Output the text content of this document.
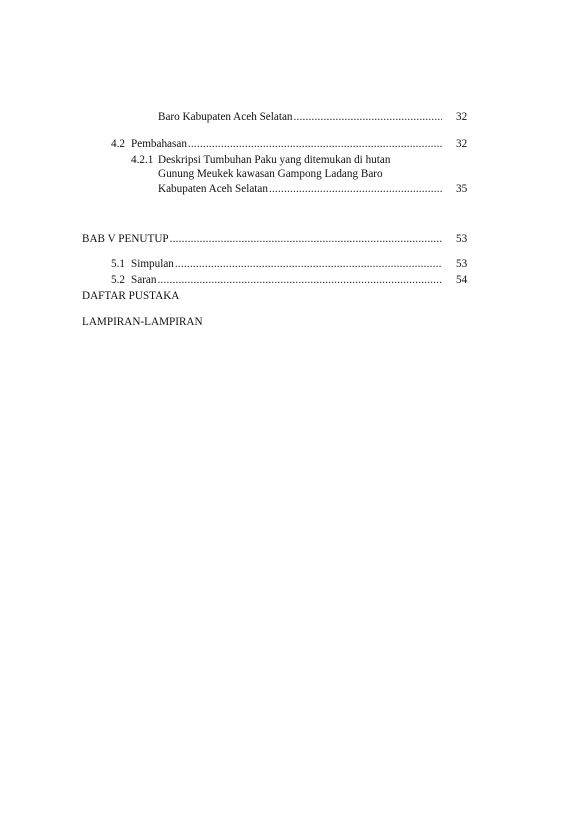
Baro Kabupaten Aceh Selatan .....	32
4.2 Pembahasan .....	32
4.2.1 Deskripsi Tumbuhan Paku yang ditemukan di hutan
Gunung Meukek kawasan Gampong Ladang Baro
Kabupaten Aceh Selatan .....	35
BAB V PENUTUP .....	53
5.1 Simpulan .....	53
5.2 Saran .....	54
DAFTAR PUSTAKA
LAMPIRAN-LAMPIRAN
